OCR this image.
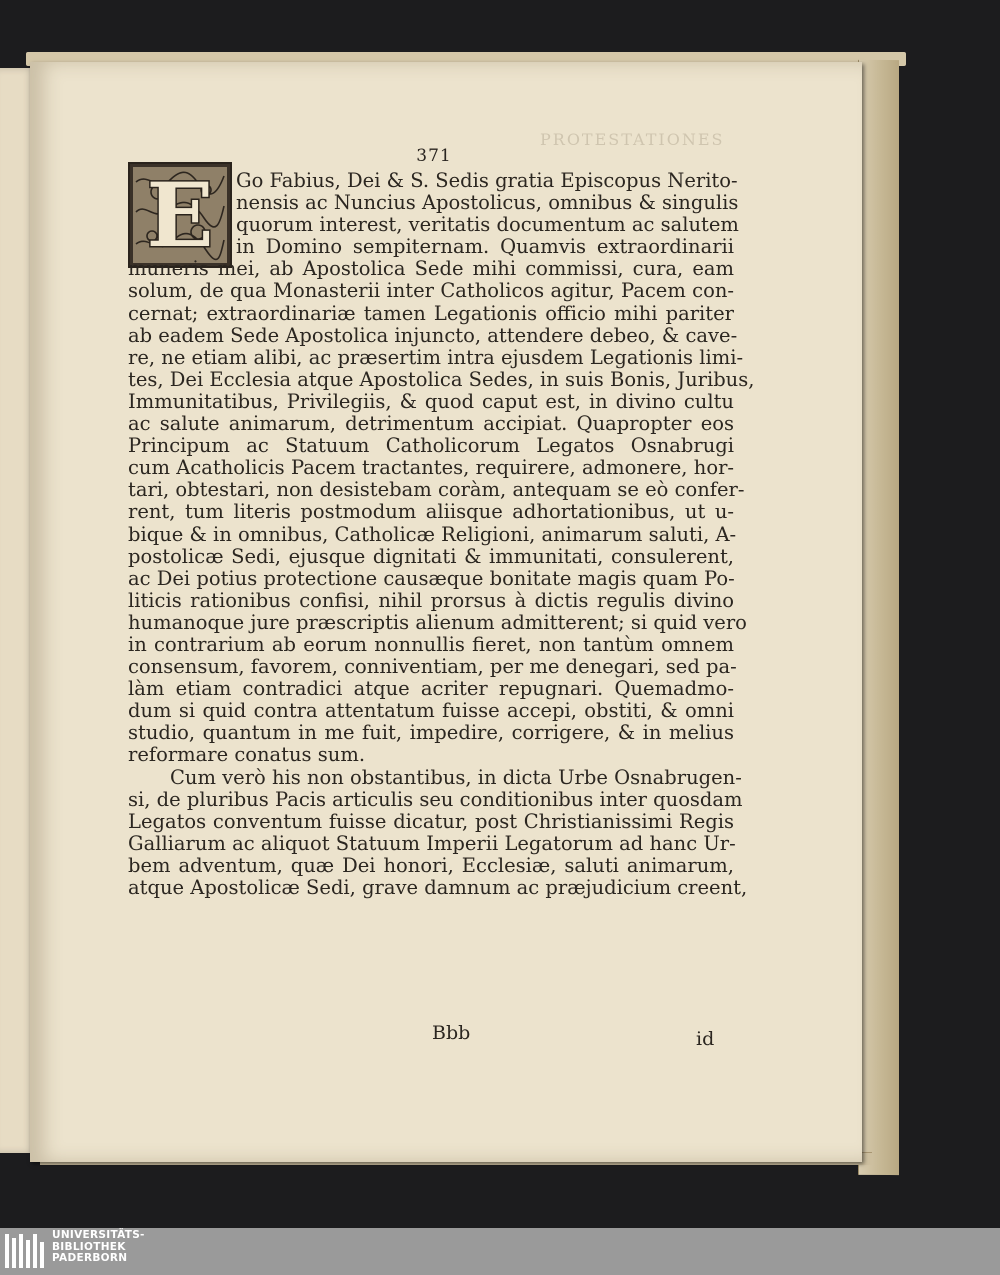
PROTESTATIONES
371
E	Go Fabius, Dei & S. Sedis gratia Episcopus Nerito-
nensis ac Nuncius Apostolicus, omnibus & singulis
quorum interest, veritatis documentum ac salutem
in Domino sempiternam. Quamvis extraordinarii
muneris mei, ab Apostolica Sede mihi commissi, cura, eam
solum, de qua Monasterii inter Catholicos agitur, Pacem con-
cernat; extraordinariæ tamen Legationis officio mihi pariter
ab eadem Sede Apostolica injuncto, attendere debeo, & cave-
re, ne etiam alibi, ac præsertim intra ejusdem Legationis limi-
tes, Dei Ecclesia atque Apostolica Sedes, in suis Bonis, Juribus,
Immunitatibus, Privilegiis, & quod caput est, in divino cultu
ac salute animarum, detrimentum accipiat. Quapropter eos
Principum ac Statuum Catholicorum Legatos Osnabrugi
cum Acatholicis Pacem tractantes, requirere, admonere, hor-
tari, obtestari, non desistebam coràm, antequam se eò confer-
rent, tum literis postmodum aliisque adhortationibus, ut u-
bique & in omnibus, Catholicæ Religioni, animarum saluti, A-
postolicæ Sedi, ejusque dignitati & immunitati, consulerent,
ac Dei potius protectione causæque bonitate magis quam Po-
liticis rationibus confisi, nihil prorsus à dictis regulis divino
humanoque jure præscriptis alienum admitterent; si quid vero
in contrarium ab eorum nonnullis fieret, non tantùm omnem
consensum, favorem, conniventiam, per me denegari, sed pa-
làm etiam contradici atque acriter repugnari. Quemadmo-
dum si quid contra attentatum fuisse accepi, obstiti, & omni
studio, quantum in me fuit, impedire, corrigere, & in melius
reformare conatus sum.
Cum verò his non obstantibus, in dicta Urbe Osnabrugen-
si, de pluribus Pacis articulis seu conditionibus inter quosdam
Legatos conventum fuisse dicatur, post Christianissimi Regis
Galliarum ac aliquot Statuum Imperii Legatorum ad hanc Ur-
bem adventum, quæ Dei honori, Ecclesiæ, saluti animarum,
atque Apostolicæ Sedi, grave damnum ac præjudicium creent,
Bbb	id
UNIVERSITÄTS-
BIBLIOTHEK
PADERBORN
